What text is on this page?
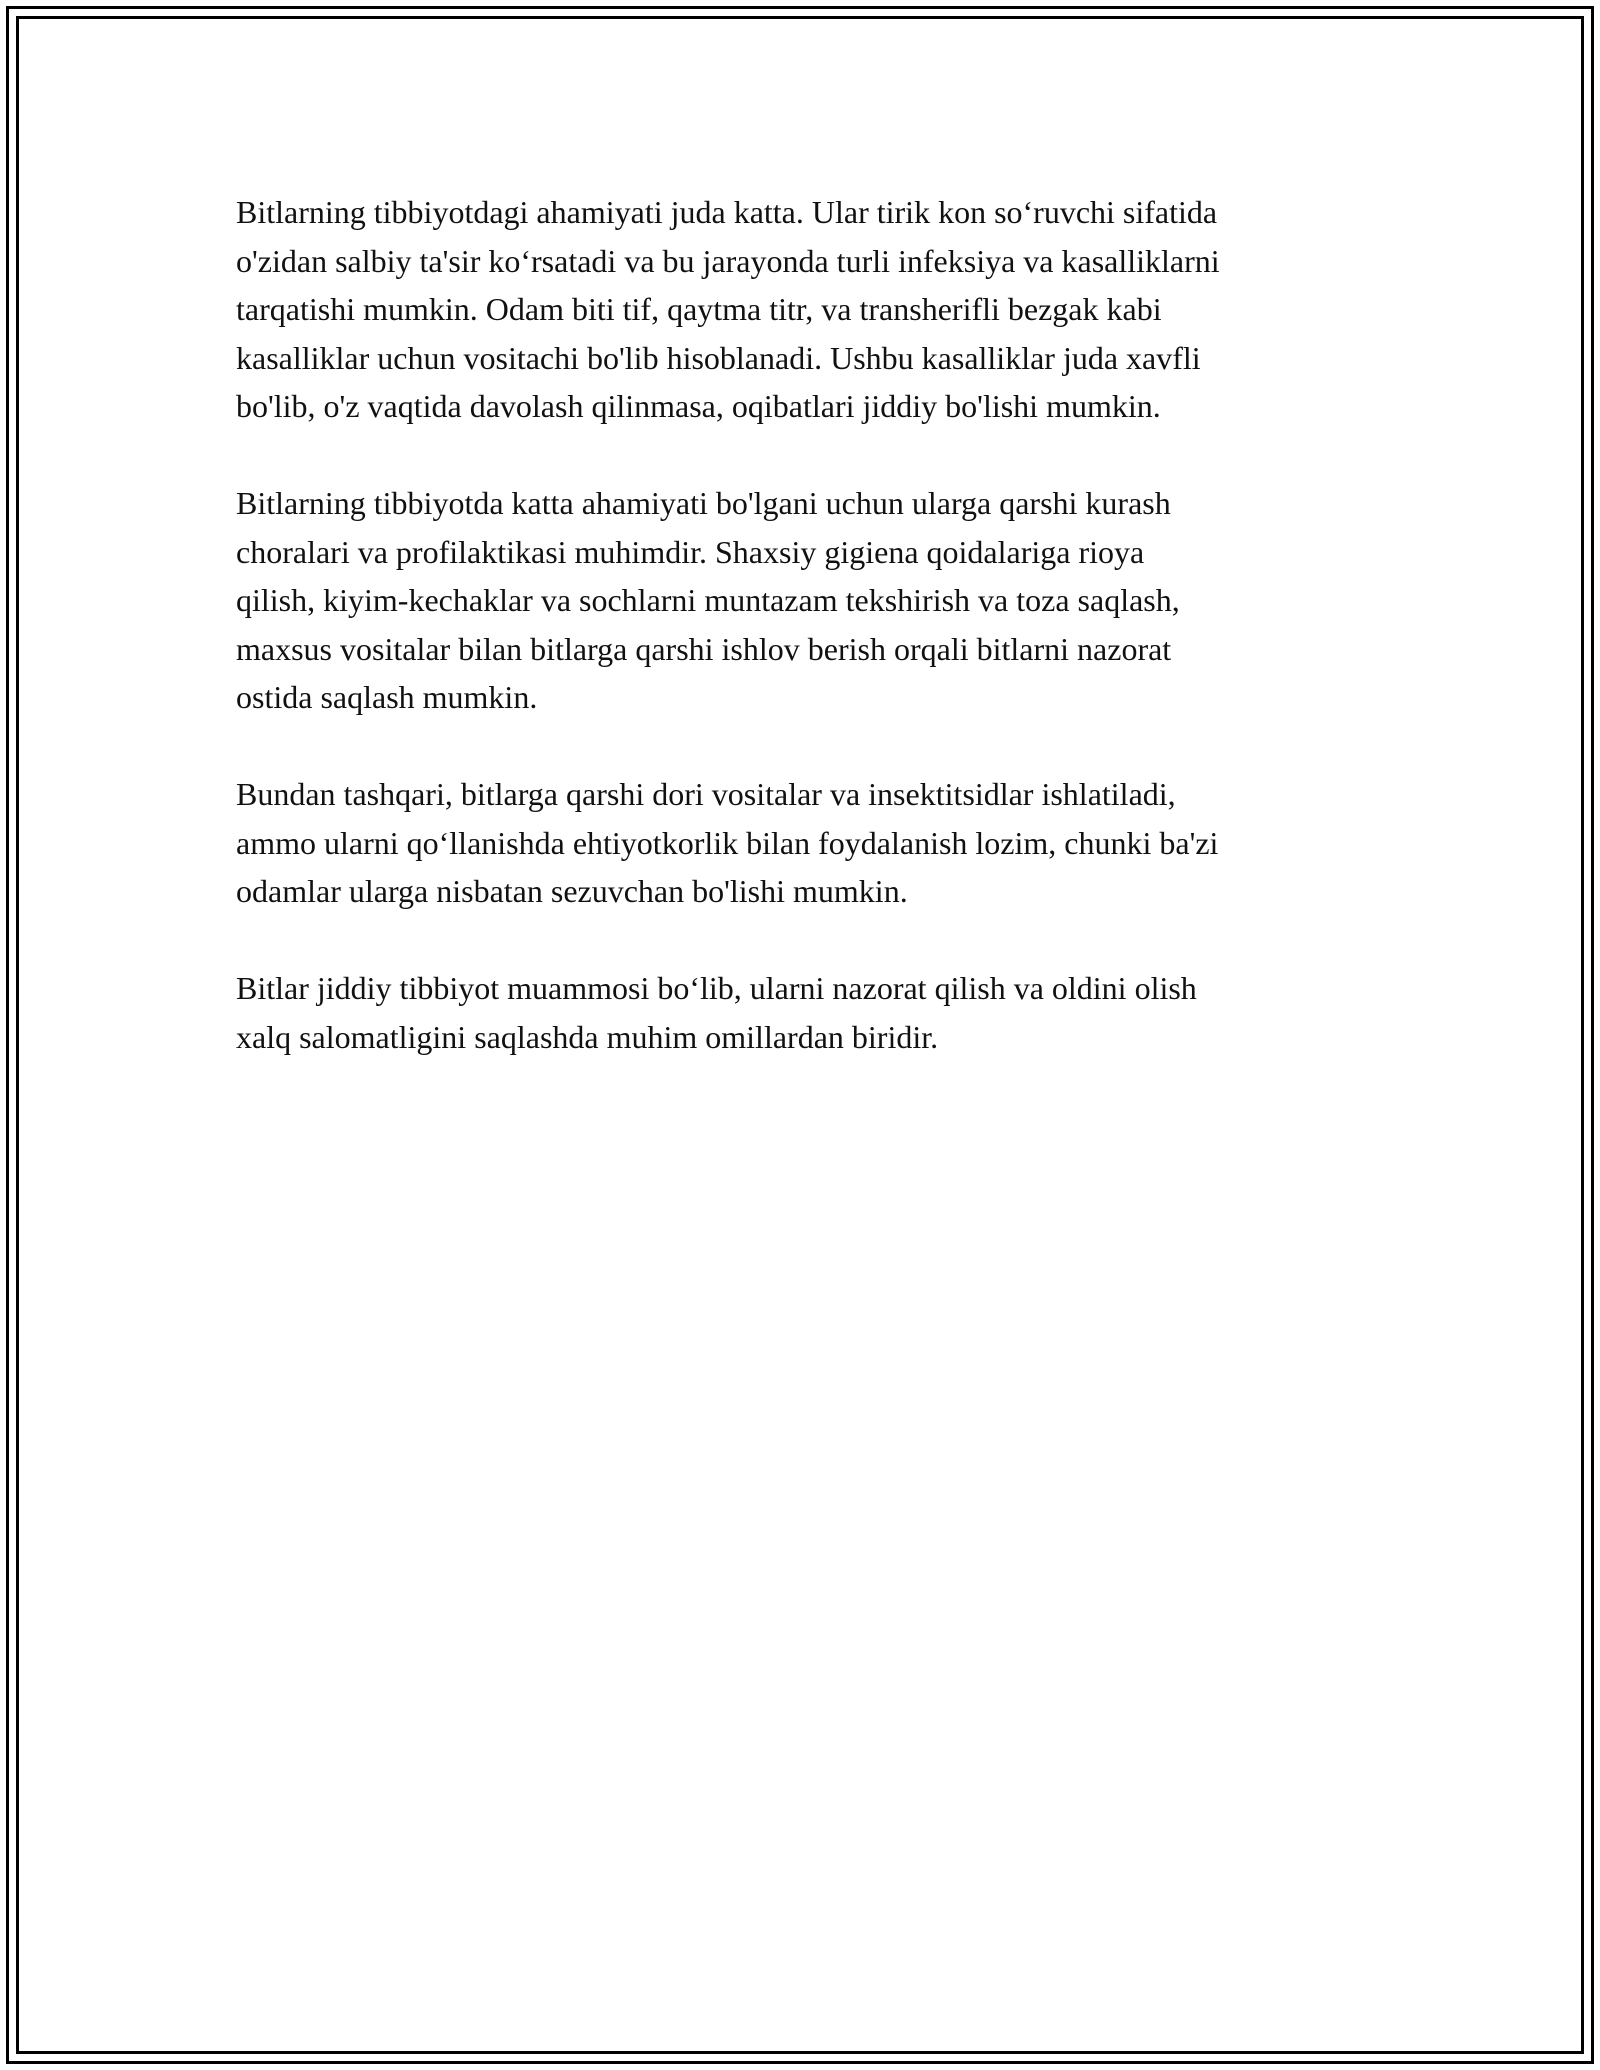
Bitlarning tibbiyotdagi ahamiyati juda katta. Ular tirik kon so‘ruvchi sifatida
o'zidan salbiy ta'sir ko‘rsatadi va bu jarayonda turli infeksiya va kasalliklarni
tarqatishi mumkin. Odam biti tif, qaytma titr, va transherifli bezgak kabi
kasalliklar uchun vositachi bo'lib hisoblanadi. Ushbu kasalliklar juda xavfli
bo'lib, o'z vaqtida davolash qilinmasa, oqibatlari jiddiy bo'lishi mumkin.

Bitlarning tibbiyotda katta ahamiyati bo'lgani uchun ularga qarshi kurash
choralari va profilaktikasi muhimdir. Shaxsiy gigiena qoidalariga rioya
qilish, kiyim-kechaklar va sochlarni muntazam tekshirish va toza saqlash,
maxsus vositalar bilan bitlarga qarshi ishlov berish orqali bitlarni nazorat
ostida saqlash mumkin.

Bundan tashqari, bitlarga qarshi dori vositalar va insektitsidlar ishlatiladi,
ammo ularni qo‘llanishda ehtiyotkorlik bilan foydalanish lozim, chunki ba'zi
odamlar ularga nisbatan sezuvchan bo'lishi mumkin.

Bitlar jiddiy tibbiyot muammosi bo‘lib, ularni nazorat qilish va oldini olish
xalq salomatligini saqlashda muhim omillardan biridir.
